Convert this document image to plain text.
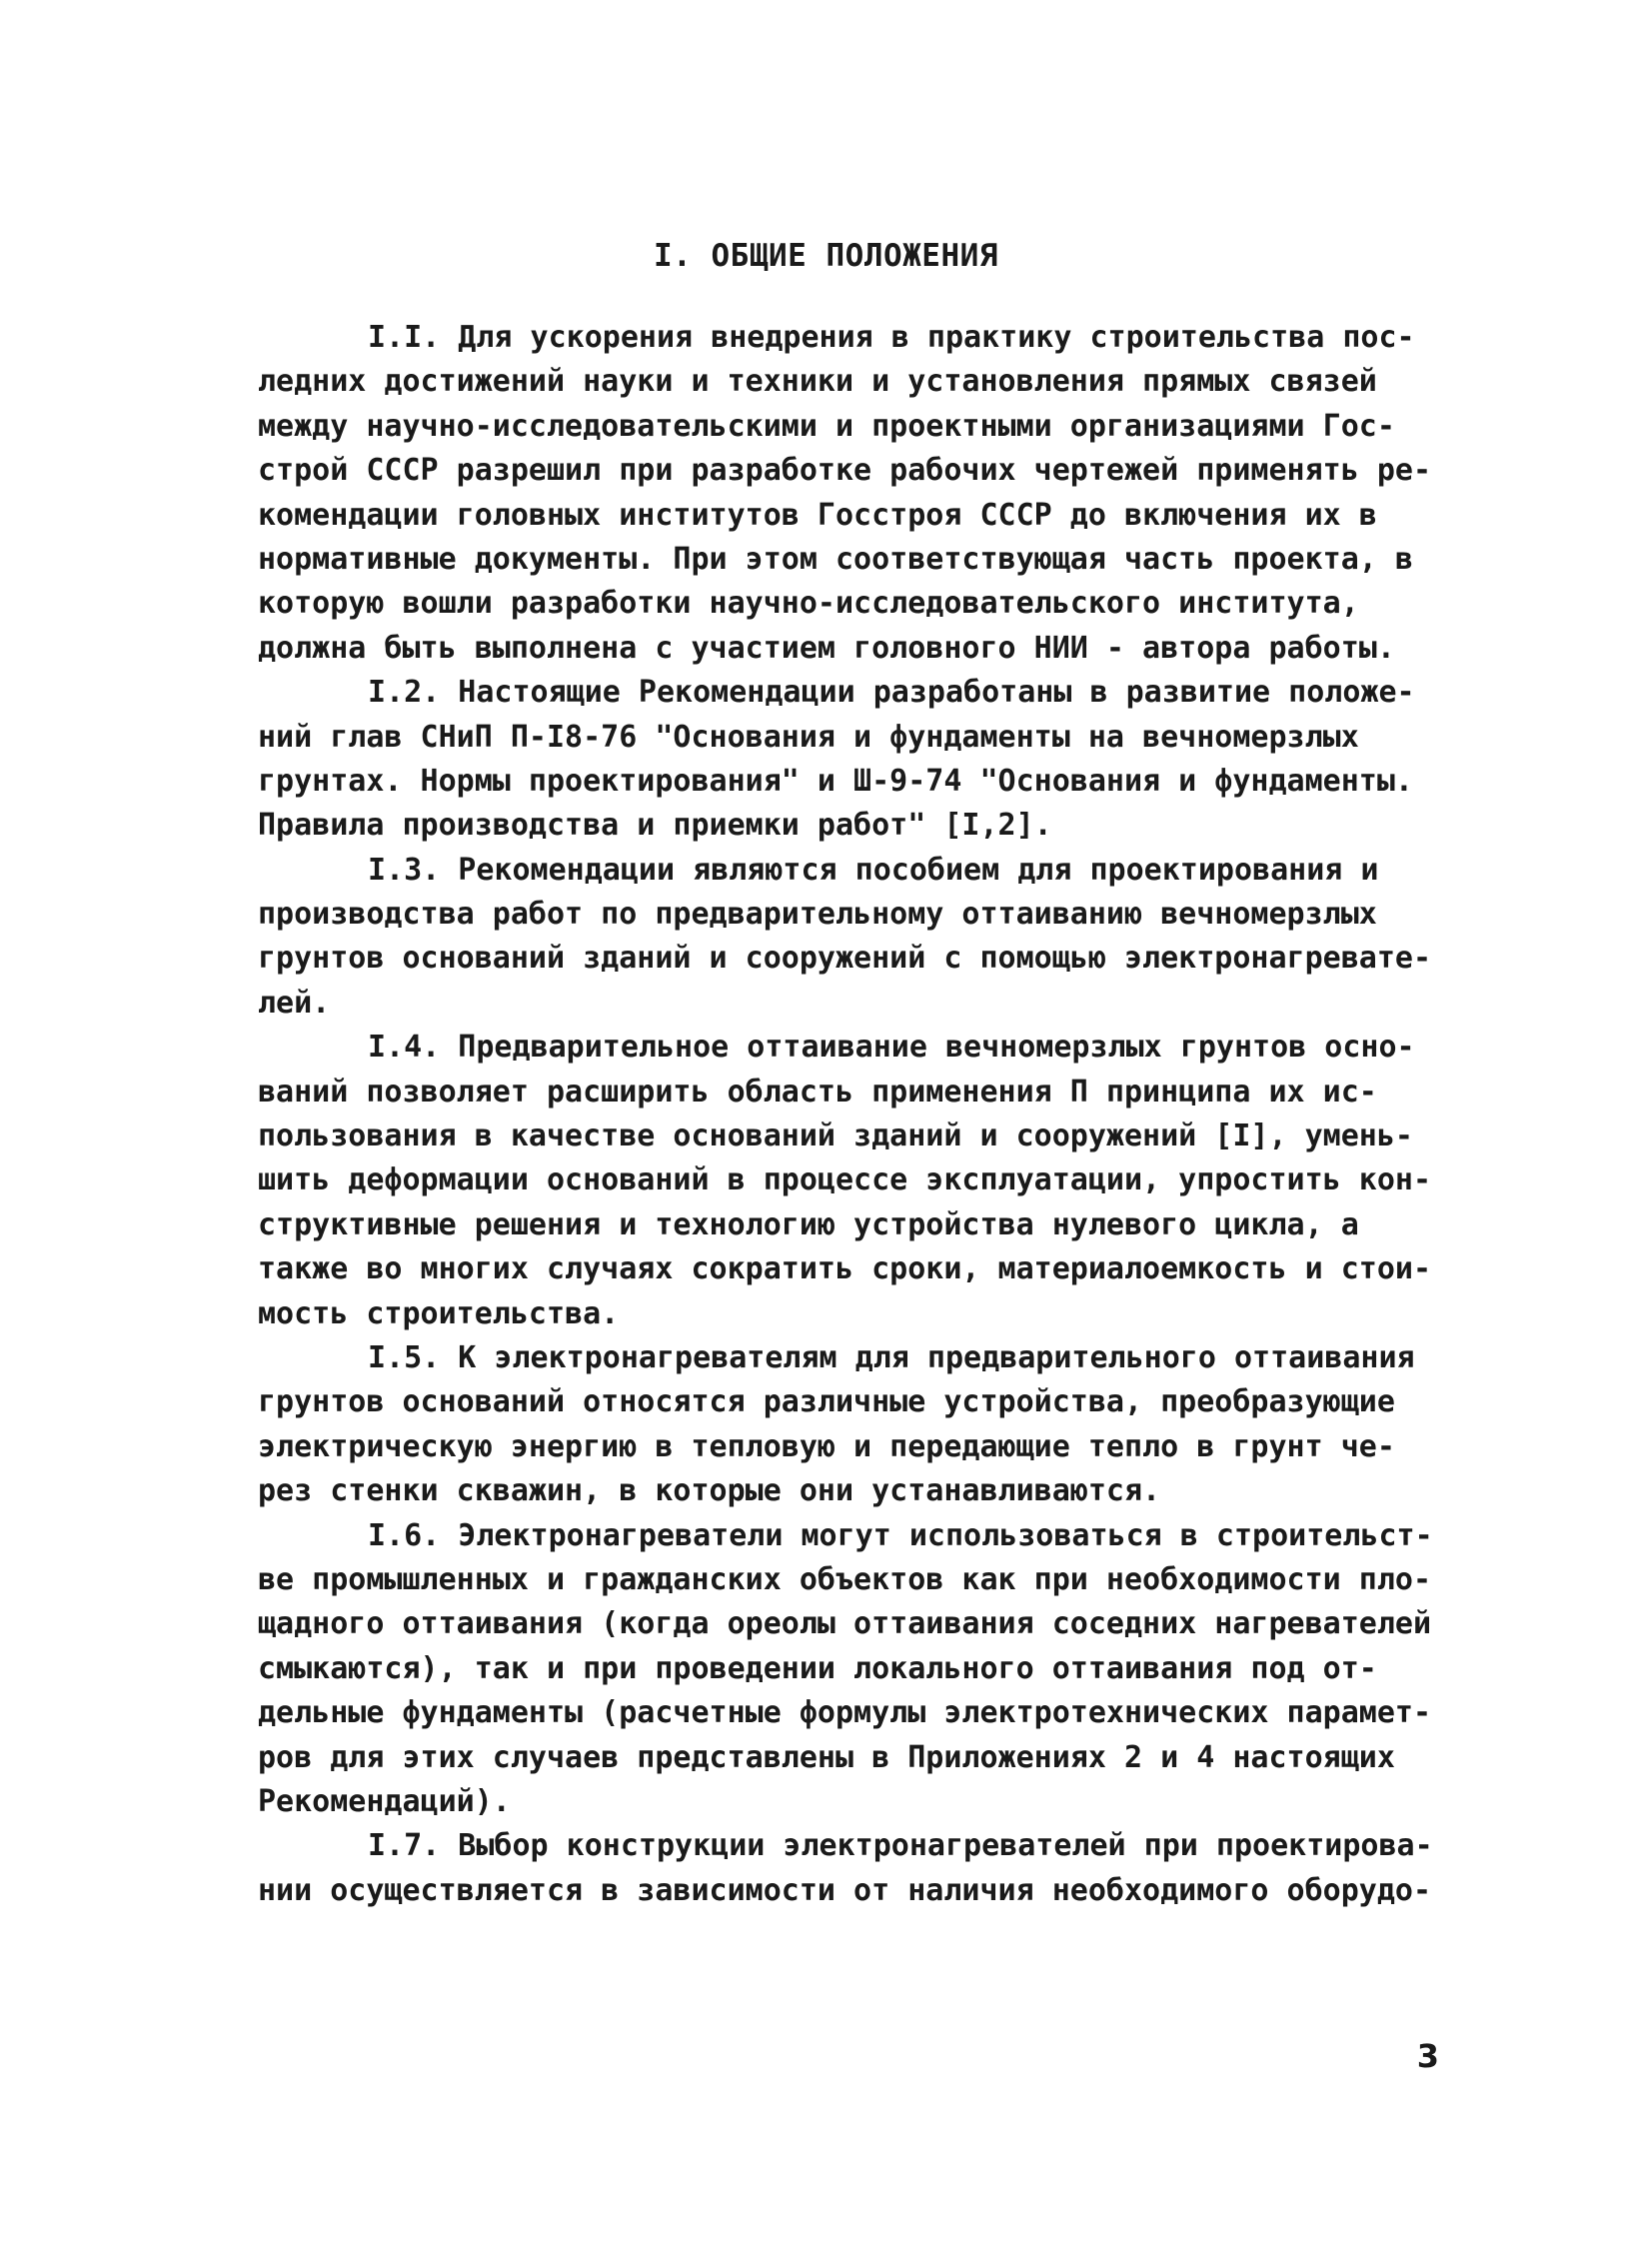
I. ОБЩИЕ ПОЛОЖЕНИЯ
I.I. Для ускорения внедрения в практику строительства пос-
ледних достижений науки и техники и установления прямых связей
между научно-исследовательскими и проектными организациями Гос-
строй СССР разрешил при разработке рабочих чертежей применять ре-
комендации головных институтов Госстроя СССР до включения их в
нормативные документы. При этом соответствующая часть проекта, в
которую вошли разработки научно-исследовательского института,
должна быть выполнена с участием головного НИИ - автора работы.
I.2. Настоящие Рекомендации разработаны в развитие положе-
ний глав СНиП П-I8-76 "Основания и фундаменты на вечномерзлых
грунтах. Нормы проектирования" и Ш-9-74 "Основания и фундаменты.
Правила производства и приемки работ" [I,2].
I.3. Рекомендации являются пособием для проектирования и
производства работ по предварительному оттаиванию вечномерзлых
грунтов оснований зданий и сооружений с помощью электронагревате-
лей.
I.4. Предварительное оттаивание вечномерзлых грунтов осно-
ваний позволяет расширить область применения П принципа их ис-
пользования в качестве оснований зданий и сооружений [I], умень-
шить деформации оснований в процессе эксплуатации, упростить кон-
структивные решения и технологию устройства нулевого цикла, а
также во многих случаях сократить сроки, материалоемкость и стои-
мость строительства.
I.5. К электронагревателям для предварительного оттаивания
грунтов оснований относятся различные устройства, преобразующие
электрическую энергию в тепловую и передающие тепло в грунт че-
рез стенки скважин, в которые они устанавливаются.
I.6. Электронагреватели могут использоваться в строительст-
ве промышленных и гражданских объектов как при необходимости пло-
щадного оттаивания (когда ореолы оттаивания соседних нагревателей
смыкаются), так и при проведении локального оттаивания под от-
дельные фундаменты (расчетные формулы электротехнических парамет-
ров для этих случаев представлены в Приложениях 2 и 4 настоящих
Рекомендаций).
I.7. Выбор конструкции электронагревателей при проектирова-
нии осуществляется в зависимости от наличия необходимого оборудо-
3
